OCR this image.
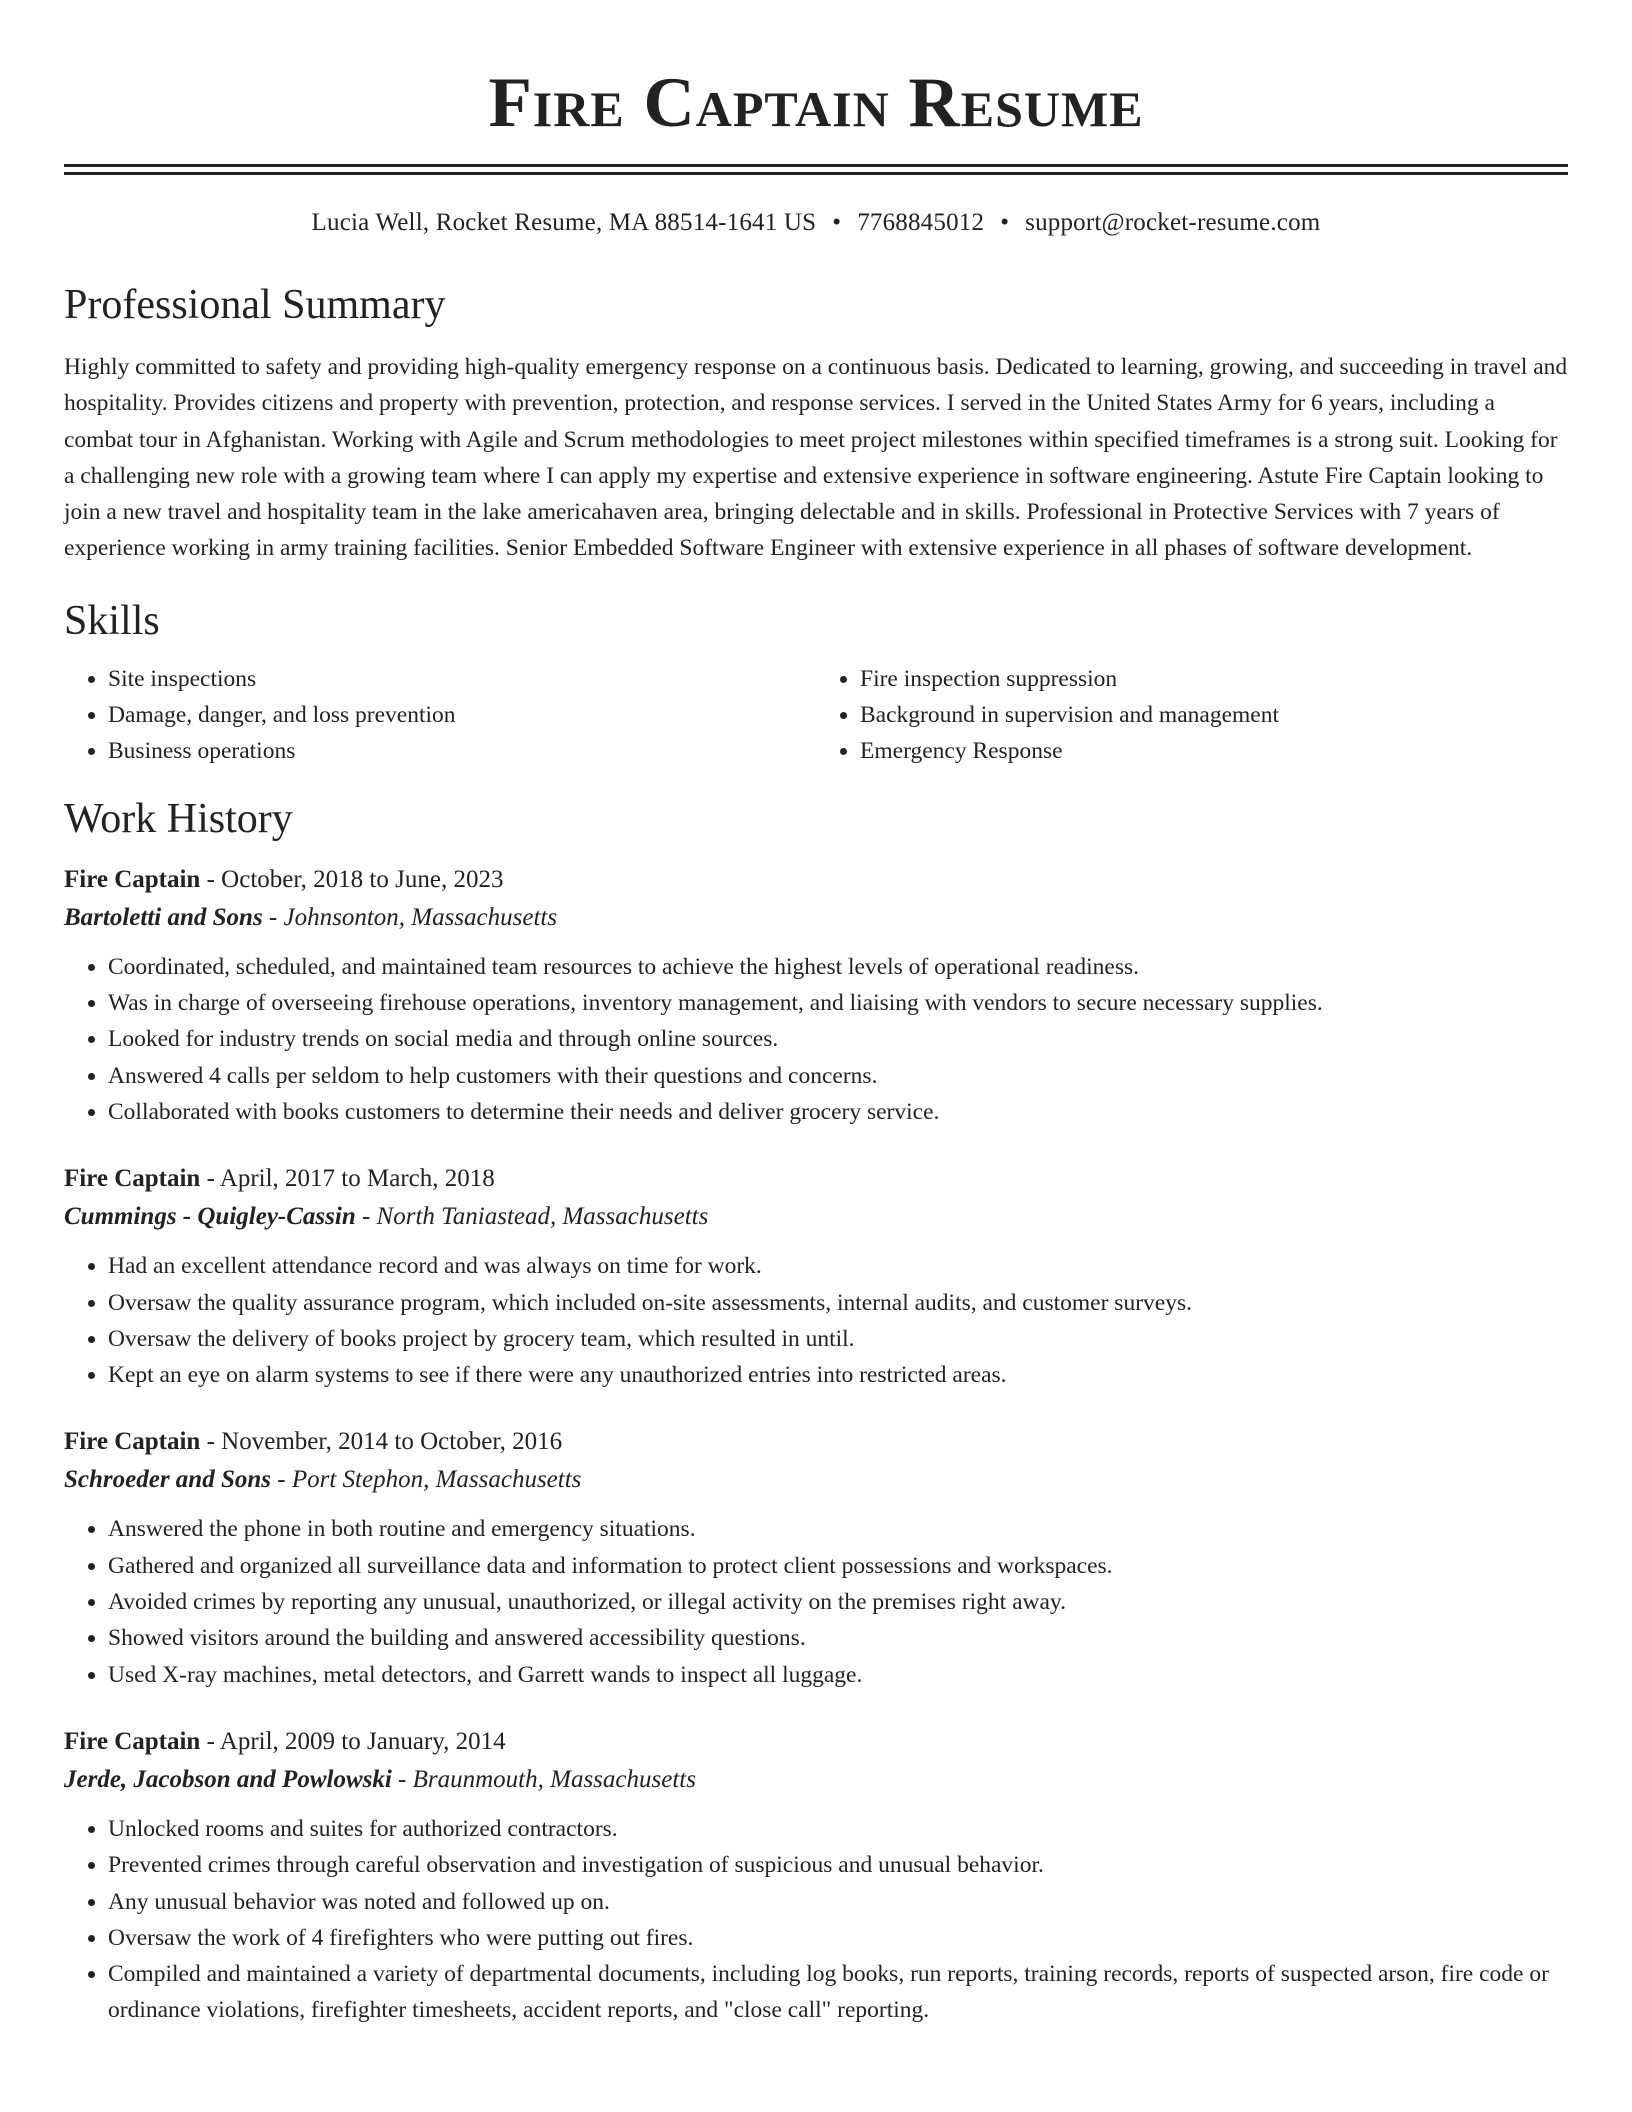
Fire Captain Resume
Lucia Well, Rocket Resume, MA 88514-1641 US • 7768845012 • support@rocket-resume.com
Professional Summary

Highly committed to safety and providing high-quality emergency response on a continuous basis. Dedicated to learning, growing, and succeeding in travel and hospitality. Provides citizens and property with prevention, protection, and response services. I served in the United States Army for 6 years, including a combat tour in Afghanistan. Working with Agile and Scrum methodologies to meet project milestones within specified timeframes is a strong suit. Looking for a challenging new role with a growing team where I can apply my expertise and extensive experience in software engineering. Astute Fire Captain looking to join a new travel and hospitality team in the lake americahaven area, bringing delectable and in skills. Professional in Protective Services with 7 years of experience working in army training facilities. Senior Embedded Software Engineer with extensive experience in all phases of software development.

Skills
• Site inspections
• Damage, danger, and loss prevention
• Business operations
• Fire inspection suppression
• Background in supervision and management
• Emergency Response
Work History
Fire Captain - October, 2018 to June, 2023
Bartoletti and Sons - Johnsonton, Massachusetts
• Coordinated, scheduled, and maintained team resources to achieve the highest levels of operational readiness.
• Was in charge of overseeing firehouse operations, inventory management, and liaising with vendors to secure necessary supplies.
• Looked for industry trends on social media and through online sources.
• Answered 4 calls per seldom to help customers with their questions and concerns.
• Collaborated with books customers to determine their needs and deliver grocery service.
Fire Captain - April, 2017 to March, 2018
Cummings - Quigley-Cassin - North Taniastead, Massachusetts
• Had an excellent attendance record and was always on time for work.
• Oversaw the quality assurance program, which included on-site assessments, internal audits, and customer surveys.
• Oversaw the delivery of books project by grocery team, which resulted in until.
• Kept an eye on alarm systems to see if there were any unauthorized entries into restricted areas.
Fire Captain - November, 2014 to October, 2016
Schroeder and Sons - Port Stephon, Massachusetts
• Answered the phone in both routine and emergency situations.
• Gathered and organized all surveillance data and information to protect client possessions and workspaces.
• Avoided crimes by reporting any unusual, unauthorized, or illegal activity on the premises right away.
• Showed visitors around the building and answered accessibility questions.
• Used X-ray machines, metal detectors, and Garrett wands to inspect all luggage.
Fire Captain - April, 2009 to January, 2014
Jerde, Jacobson and Powlowski - Braunmouth, Massachusetts
• Unlocked rooms and suites for authorized contractors.
• Prevented crimes through careful observation and investigation of suspicious and unusual behavior.
• Any unusual behavior was noted and followed up on.
• Oversaw the work of 4 firefighters who were putting out fires.
• Compiled and maintained a variety of departmental documents, including log books, run reports, training records, reports of suspected arson, fire code or ordinance violations, firefighter timesheets, accident reports, and "close call" reporting.
